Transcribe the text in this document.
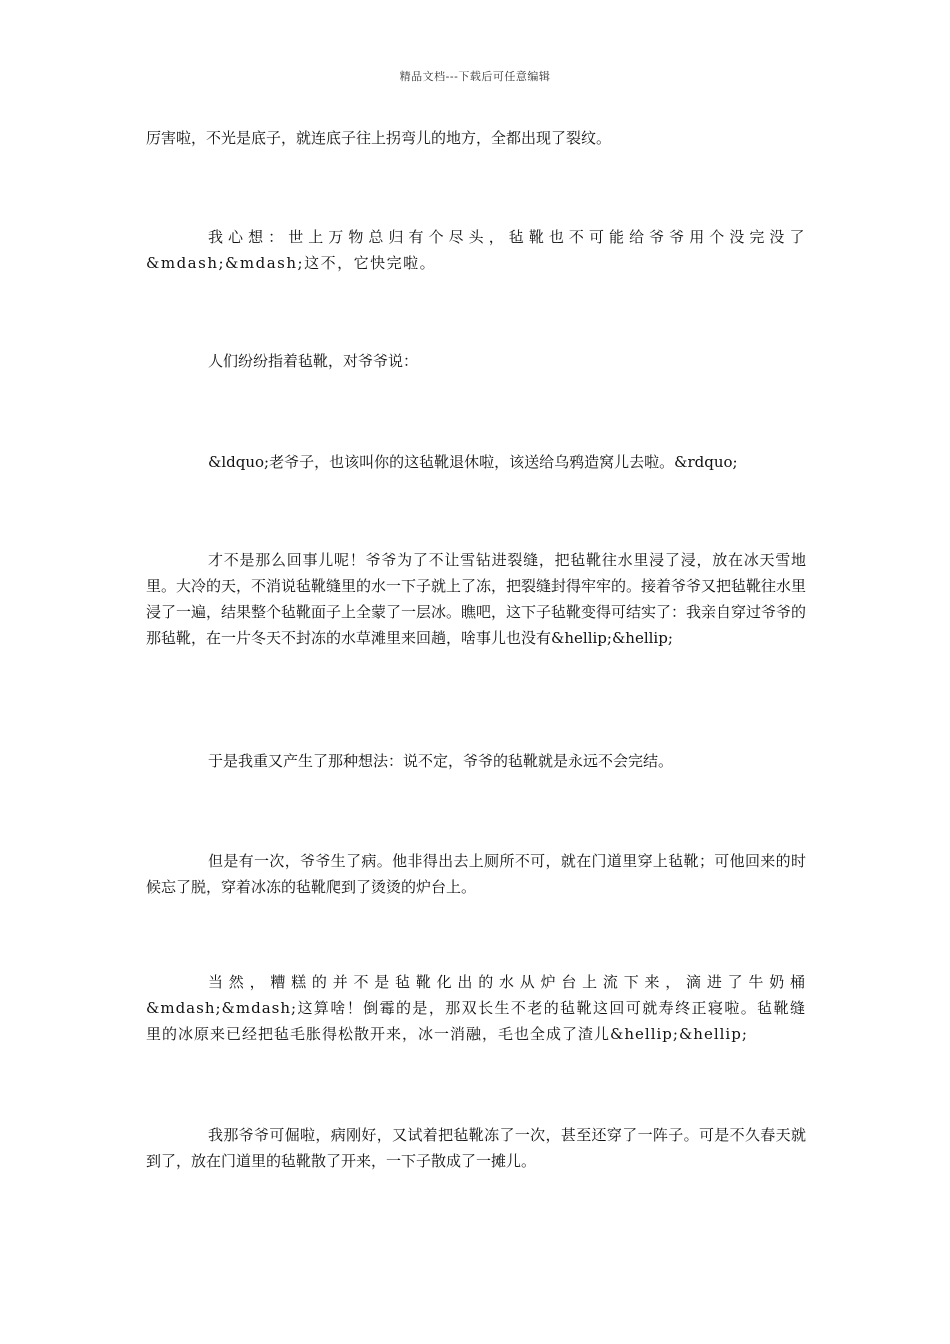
精品文档---下载后可任意编辑

厉害啦，不光是底子，就连底子往上拐弯儿的地方，全都出现了裂纹。

我心想：世上万物总归有个尽头，毡靴也不可能给爷爷用个没完没了&mdash;&mdash;这不，它快完啦。

人们纷纷指着毡靴，对爷爷说：

&ldquo;老爷子，也该叫你的这毡靴退休啦，该送给乌鸦造窝儿去啦。&rdquo;

才不是那么回事儿呢！爷爷为了不让雪钻进裂缝，把毡靴往水里浸了浸，放在冰天雪地里。大冷的天，不消说毡靴缝里的水一下子就上了冻，把裂缝封得牢牢的。接着爷爷又把毡靴往水里浸了一遍，结果整个毡靴面子上全蒙了一层冰。瞧吧，这下子毡靴变得可结实了：我亲自穿过爷爷的那毡靴，在一片冬天不封冻的水草滩里来回趟，啥事儿也没有&hellip;&hellip;

于是我重又产生了那种想法：说不定，爷爷的毡靴就是永远不会完结。

但是有一次，爷爷生了病。他非得出去上厕所不可，就在门道里穿上毡靴；可他回来的时候忘了脱，穿着冰冻的毡靴爬到了烫烫的炉台上。

当然，糟糕的并不是毡靴化出的水从炉台上流下来，滴进了牛奶桶&mdash;&mdash;这算啥！倒霉的是，那双长生不老的毡靴这回可就寿终正寝啦。毡靴缝里的冰原来已经把毡毛胀得松散开来，冰一消融，毛也全成了渣儿&hellip;&hellip;

我那爷爷可倔啦，病刚好，又试着把毡靴冻了一次，甚至还穿了一阵子。可是不久春天就到了，放在门道里的毡靴散了开来，一下子散成了一摊儿。
